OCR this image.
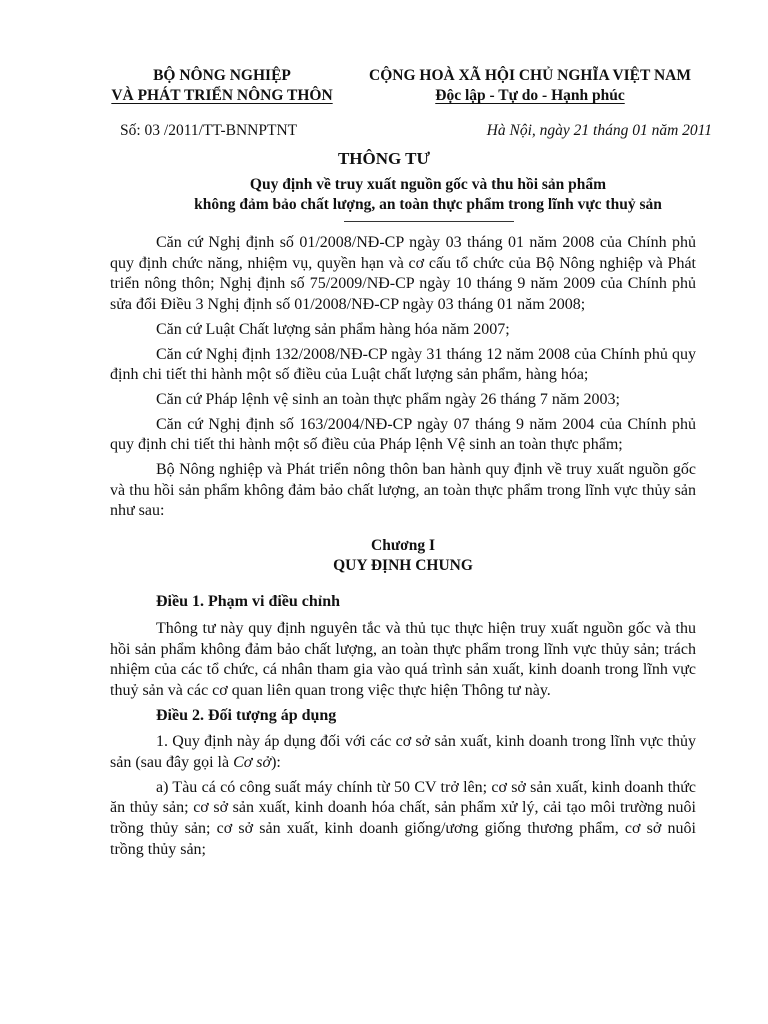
BỘ NÔNG NGHIỆP
VÀ PHÁT TRIỂN NÔNG THÔN
CỘNG HOÀ XÃ HỘI CHỦ NGHĨA VIỆT NAM
Độc lập - Tự do - Hạnh phúc
Số: 03 /2011/TT-BNNPTNT	Hà Nội, ngày 21 tháng 01 năm 2011
THÔNG TƯ
Quy định về truy xuất nguồn gốc và thu hồi sản phẩm
không đảm bảo chất lượng, an toàn thực phẩm trong lĩnh vực thuỷ sản

Căn cứ Nghị định số 01/2008/NĐ-CP ngày 03 tháng 01 năm 2008 của Chính phủ quy định chức năng, nhiệm vụ, quyền hạn và cơ cấu tổ chức của Bộ Nông nghiệp và Phát triển nông thôn; Nghị định số 75/2009/NĐ-CP ngày 10 tháng 9 năm 2009 của Chính phủ sửa đổi Điều 3 Nghị định số 01/2008/NĐ-CP ngày 03 tháng 01 năm 2008;

Căn cứ Luật Chất lượng sản phẩm hàng hóa năm 2007;

Căn cứ Nghị định 132/2008/NĐ-CP ngày 31 tháng 12 năm 2008 của Chính phủ quy định chi tiết thi hành một số điều của Luật chất lượng sản phẩm, hàng hóa;

Căn cứ Pháp lệnh vệ sinh an toàn thực phẩm ngày 26 tháng 7 năm 2003;

Căn cứ Nghị định số 163/2004/NĐ-CP ngày 07 tháng 9 năm 2004 của Chính phủ quy định chi tiết thi hành một số điều của Pháp lệnh Vệ sinh an toàn thực phẩm;

Bộ Nông nghiệp và Phát triển nông thôn ban hành quy định về truy xuất nguồn gốc và thu hồi sản phẩm không đảm bảo chất lượng, an toàn thực phẩm trong lĩnh vực thủy sản như sau:

Chương I
QUY ĐỊNH CHUNG
Điều 1. Phạm vi điều chỉnh

Thông tư này quy định nguyên tắc và thủ tục thực hiện truy xuất nguồn gốc và thu hồi sản phẩm không đảm bảo chất lượng, an toàn thực phẩm trong lĩnh vực thủy sản; trách nhiệm của các tổ chức, cá nhân tham gia vào quá trình sản xuất, kinh doanh trong lĩnh vực thuỷ sản và các cơ quan liên quan trong việc thực hiện Thông tư này.

Điều 2. Đối tượng áp dụng

1. Quy định này áp dụng đối với các cơ sở sản xuất, kinh doanh trong lĩnh vực thủy sản (sau đây gọi là Cơ sở):

a) Tàu cá có công suất máy chính từ 50 CV trở lên; cơ sở sản xuất, kinh doanh thức ăn thủy sản; cơ sở sản xuất, kinh doanh hóa chất, sản phẩm xử lý, cải tạo môi trường nuôi trồng thủy sản; cơ sở sản xuất, kinh doanh giống/ương giống thương phẩm, cơ sở nuôi trồng thủy sản;
